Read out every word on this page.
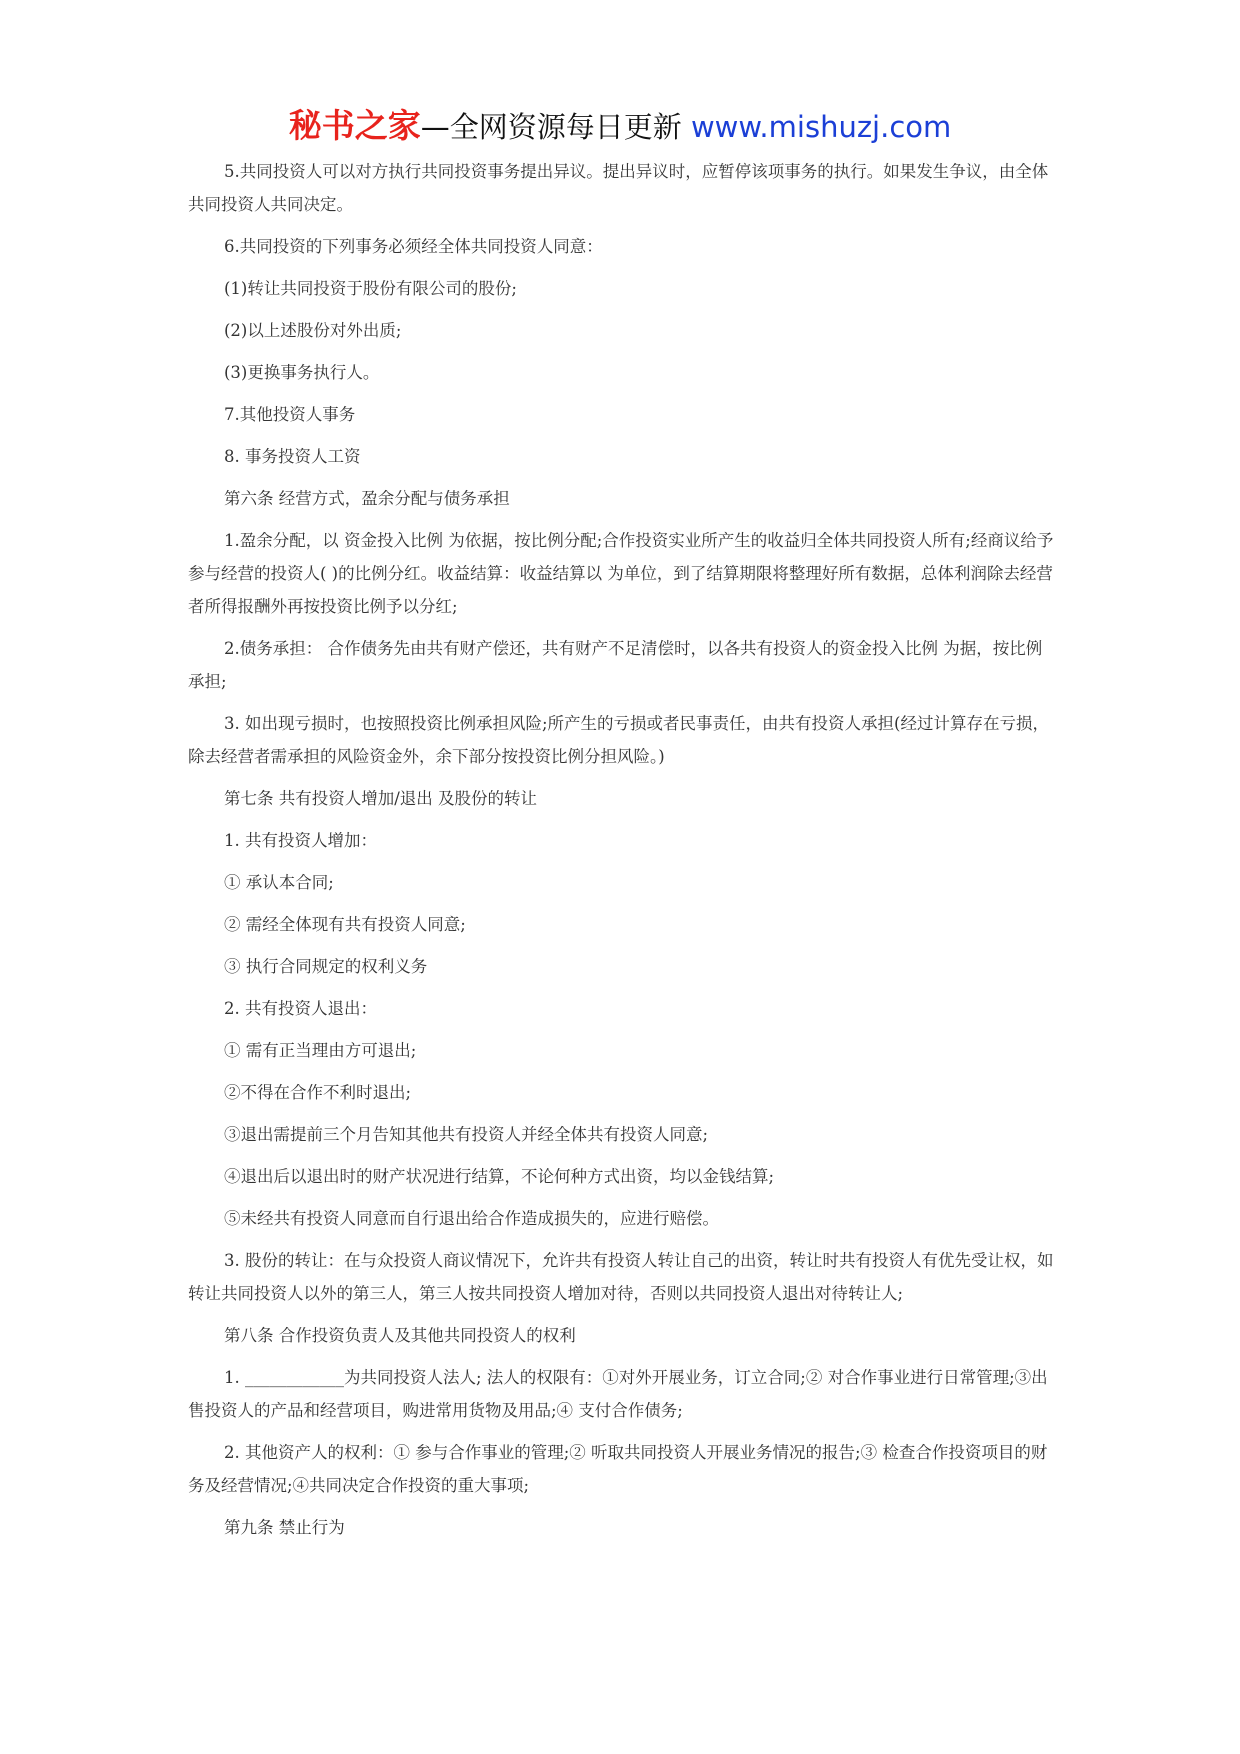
秘书之家—全网资源每日更新 www.mishuzj.com

5.共同投资人可以对方执行共同投资事务提出异议。提出异议时，应暂停该项事务的执行。如果发生争议，由全体共同投资人共同决定。

6.共同投资的下列事务必须经全体共同投资人同意：

(1)转让共同投资于股份有限公司的股份;

(2)以上述股份对外出质;

(3)更换事务执行人。

7.其他投资人事务

8. 事务投资人工资

第六条 经营方式，盈余分配与债务承担

1.盈余分配，以 资金投入比例 为依据，按比例分配;合作投资实业所产生的收益归全体共同投资人所有;经商议给予参与经营的投资人( )的比例分红。收益结算：收益结算以 为单位，到了结算期限将整理好所有数据，总体利润除去经营者所得报酬外再按投资比例予以分红;

2.债务承担： 合作债务先由共有财产偿还，共有财产不足清偿时，以各共有投资人的资金投入比例 为据，按比例承担;

3. 如出现亏损时，也按照投资比例承担风险;所产生的亏损或者民事责任，由共有投资人承担(经过计算存在亏损，除去经营者需承担的风险资金外，余下部分按投资比例分担风险。)

第七条 共有投资人增加/退出 及股份的转让

1. 共有投资人增加：

① 承认本合同;

② 需经全体现有共有投资人同意;

③ 执行合同规定的权利义务

2. 共有投资人退出：

① 需有正当理由方可退出;

②不得在合作不利时退出;

③退出需提前三个月告知其他共有投资人并经全体共有投资人同意;

④退出后以退出时的财产状况进行结算，不论何种方式出资，均以金钱结算;

⑤未经共有投资人同意而自行退出给合作造成损失的，应进行赔偿。

3. 股份的转让：在与众投资人商议情况下，允许共有投资人转让自己的出资，转让时共有投资人有优先受让权，如转让共同投资人以外的第三人，第三人按共同投资人增加对待，否则以共同投资人退出对待转让人;

第八条 合作投资负责人及其他共同投资人的权利

1. ____________为共同投资人法人; 法人的权限有：①对外开展业务，订立合同;② 对合作事业进行日常管理;③出售投资人的产品和经营项目，购进常用货物及用品;④ 支付合作债务;

2. 其他资产人的权利：① 参与合作事业的管理;② 听取共同投资人开展业务情况的报告;③ 检查合作投资项目的财务及经营情况;④共同决定合作投资的重大事项;

第九条 禁止行为
